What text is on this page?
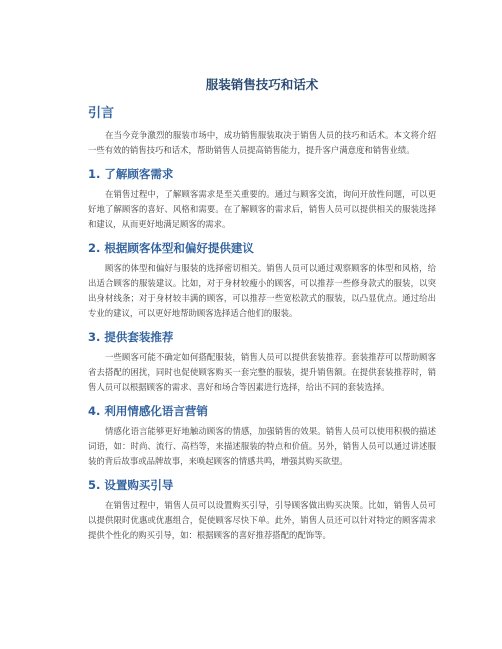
服装销售技巧和话术
引言

在当今竞争激烈的服装市场中，成功销售服装取决于销售人员的技巧和话术。本文将介绍一些有效的销售技巧和话术，帮助销售人员提高销售能力，提升客户满意度和销售业绩。

1. 了解顾客需求

在销售过程中，了解顾客需求是至关重要的。通过与顾客交流，询问开放性问题，可以更好地了解顾客的喜好、风格和需要。在了解顾客的需求后，销售人员可以提供相关的服装选择和建议，从而更好地满足顾客的需求。

2. 根据顾客体型和偏好提供建议

顾客的体型和偏好与服装的选择密切相关。销售人员可以通过观察顾客的体型和风格，给出适合顾客的服装建议。比如，对于身材较瘦小的顾客，可以推荐一些修身款式的服装，以突出身材线条；对于身材较丰满的顾客，可以推荐一些宽松款式的服装，以凸显优点。通过给出专业的建议，可以更好地帮助顾客选择适合他们的服装。

3. 提供套装推荐

一些顾客可能不确定如何搭配服装，销售人员可以提供套装推荐。套装推荐可以帮助顾客省去搭配的困扰，同时也促使顾客购买一套完整的服装，提升销售额。在提供套装推荐时，销售人员可以根据顾客的需求、喜好和场合等因素进行选择，给出不同的套装选择。

4. 利用情感化语言营销

情感化语言能够更好地触动顾客的情感，加强销售的效果。销售人员可以使用积极的描述词语，如：时尚、流行、高档等，来描述服装的特点和价值。另外，销售人员可以通过讲述服装的背后故事或品牌故事，来唤起顾客的情感共鸣，增强其购买欲望。

5. 设置购买引导

在销售过程中，销售人员可以设置购买引导，引导顾客做出购买决策。比如，销售人员可以提供限时优惠或优惠组合，促使顾客尽快下单。此外，销售人员还可以针对特定的顾客需求提供个性化的购买引导，如：根据顾客的喜好推荐搭配的配饰等。
